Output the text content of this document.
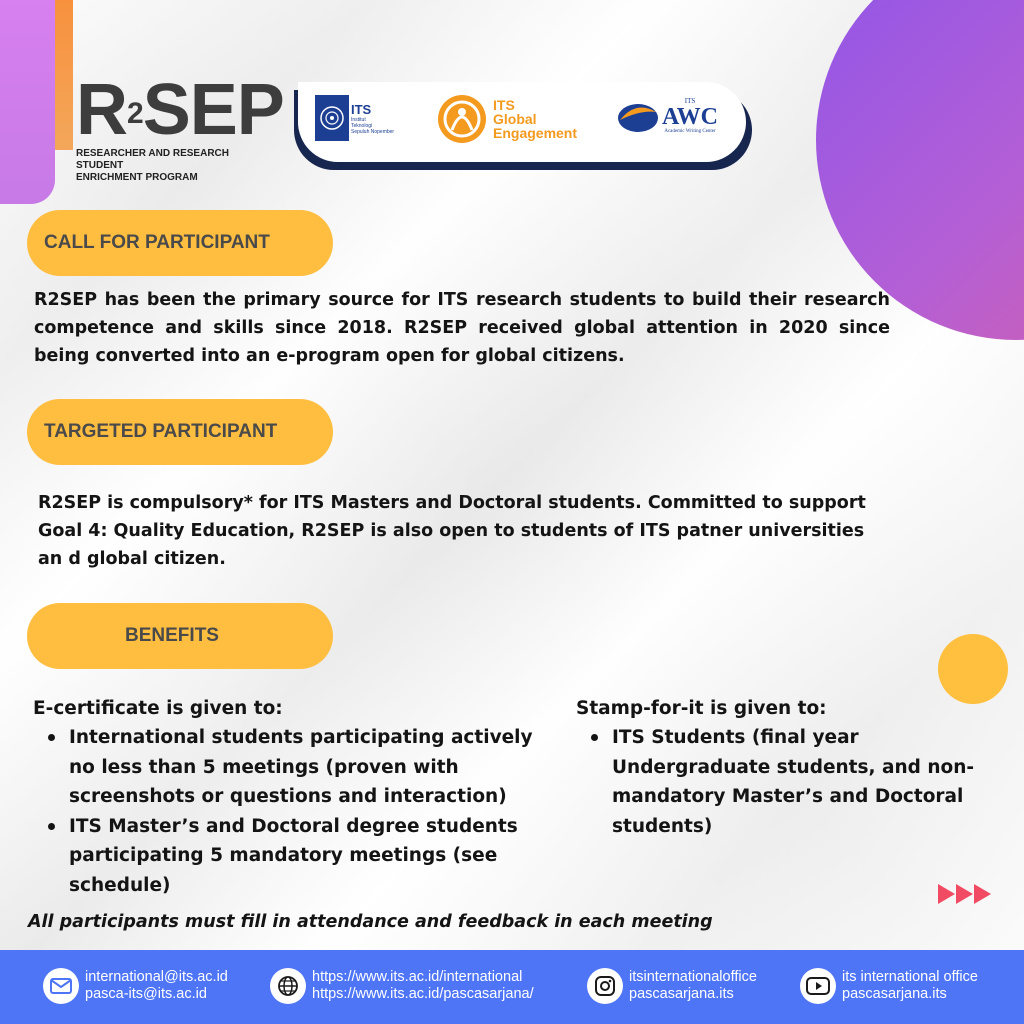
$R^2SEP$
RESEARCHER AND RESEARCH STUDENT
ENRICHMENT PROGRAM
ITS
Institut
Teknologi
Sepuluh Nopember
ITS
Global
Engagement
ITS
AWC
Academic Writing Center
CALL FOR PARTICIPANT

R2SEP has been the primary source for ITS research students to build their research competence and skills since 2018. R2SEP received global attention in 2020 since being converted into an e-program open for global citizens.

TARGETED PARTICIPANT
R2SEP is compulsory* for ITS Masters and Doctoral students. Committed to support
Goal 4: Quality Education, R2SEP is also open to students of ITS patner universities
an d global citizen.
BENEFITS
E-certificate is given to:
International students participating actively no less than 5 meetings (proven with screenshots or questions and interaction)
ITS Master’s and Doctoral degree students participating 5 mandatory meetings (see schedule)
Stamp-for-it is given to:
ITS Students (final year Undergraduate students, and non-mandatory Master’s and Doctoral students)
All participants must fill in attendance and feedback in each meeting
international@its.ac.id
pasca-its@its.ac.id
https://www.its.ac.id/international
https://www.its.ac.id/pascasarjana/
itsinternationaloffice
pascasarjana.its
its international office
pascasarjana.its
